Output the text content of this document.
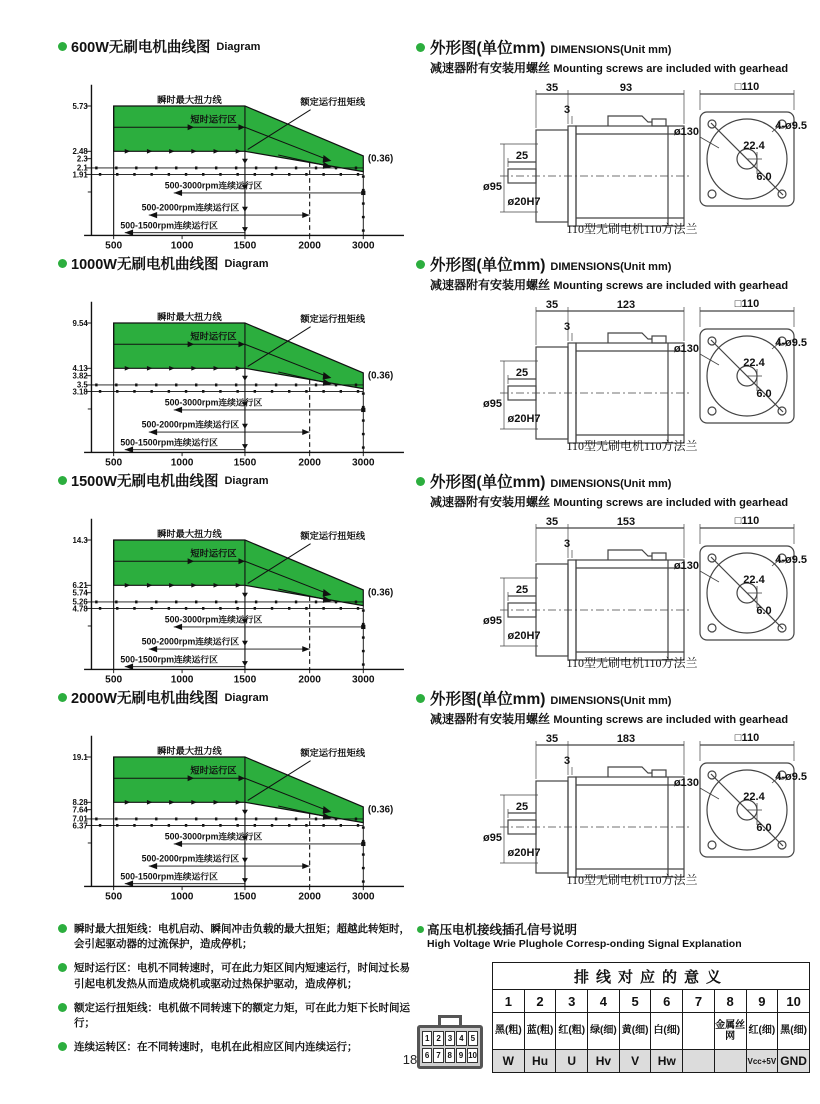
600W无刷电机曲线图 Diagram
瞬时最大扭力线
短时运行区
额定运行扭矩线
(0.36)
5.73
2.48
2.3
2.1
1.91
500	1000	1500	2000	3000
500-3000rpm连续运行区
500-2000rpm连续运行区
500-1500rpm连续运行区
外形图(单位mm) DIMENSIONS(Unit mm)
减速器附有安装用螺丝 Mounting screws are included with gearhead
35	93
3
25
ø95
ø20H7
□110
ø130	4-ø9.5
22.4
6.0
110型无刷电机110方法兰
1000W无刷电机曲线图 Diagram
瞬时最大扭力线
短时运行区
额定运行扭矩线
(0.36)
9.54
4.13
3.82
3.5
3.18
500	1000	1500	2000	3000
500-3000rpm连续运行区
500-2000rpm连续运行区
500-1500rpm连续运行区
外形图(单位mm) DIMENSIONS(Unit mm)
减速器附有安装用螺丝 Mounting screws are included with gearhead
35	123
3
25
ø95
ø20H7
□110
ø130	4-ø9.5
22.4
6.0
110型无刷电机110方法兰
1500W无刷电机曲线图 Diagram
瞬时最大扭力线
短时运行区
额定运行扭矩线
(0.36)
14.3
6.21
5.74
5.26
4.78
500	1000	1500	2000	3000
500-3000rpm连续运行区
500-2000rpm连续运行区
500-1500rpm连续运行区
外形图(单位mm) DIMENSIONS(Unit mm)
减速器附有安装用螺丝 Mounting screws are included with gearhead
35	153
3
25
ø95
ø20H7
□110
ø130	4-ø9.5
22.4
6.0
110型无刷电机110方法兰
2000W无刷电机曲线图 Diagram
瞬时最大扭力线
短时运行区
额定运行扭矩线
(0.36)
19.1
8.28
7.64
7.01
6.37
500	1000	1500	2000	3000
500-3000rpm连续运行区
500-2000rpm连续运行区
500-1500rpm连续运行区
外形图(单位mm) DIMENSIONS(Unit mm)
减速器附有安装用螺丝 Mounting screws are included with gearhead
35	183
3
25
ø95
ø20H7
□110
ø130	4-ø9.5
22.4
6.0
110型无刷电机110方法兰
瞬时最大扭矩线：电机启动、瞬间冲击负载的最大扭矩；超越此转矩时，会引起驱动器的过流保护，造成停机；
短时运行区：电机不同转速时，可在此力矩区间内短速运行，时间过长易引起电机发热从而造成烧机或驱动过热保护驱动，造成停机；
额定运行扭矩线：电机做不同转速下的额定力矩，可在此力矩下长时间运行；
连续运转区：在不同转速时，电机在此相应区间内连续运行；
高压电机接线插孔信号说明
High Voltage Wrie Plughole Corresp-onding Signal Explanation
1 2 3 4 5
6 7 8 9 10
排线对应的意义									
1	2	3	4	5	6	7	8	9	10
黑(粗)	蓝(粗)	红(粗)	绿(细)	黄(细)	白(细)		金属丝网	红(细)	黑(细)
W	Hu	U	Hv	V	Hw			Vcc+5V	GND
18
